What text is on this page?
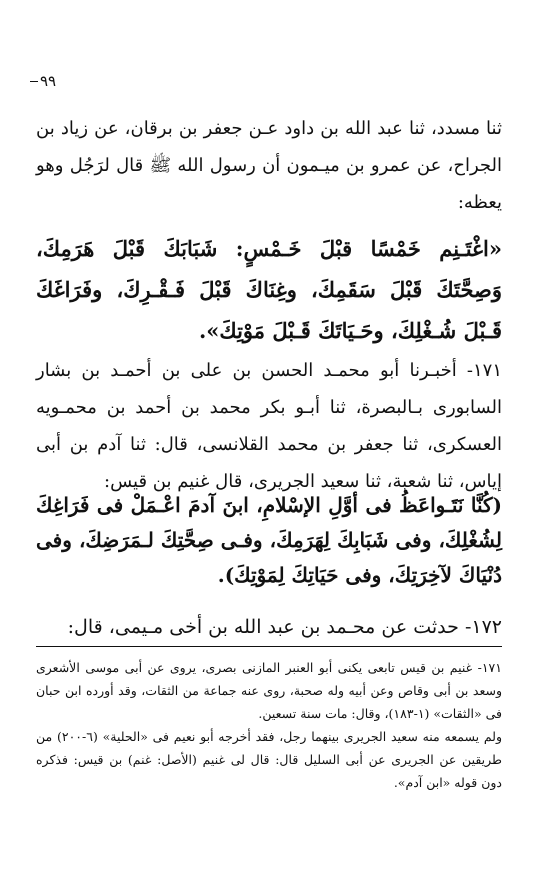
٩٩

ثنا مسدد، ثنا عبد الله بن داود عـن جعفر بن برقان، عن زياد بن الجراح، عن عمرو بن ميـمون أن رسول الله ﷺ قال لرَجُل وهو يعظه:

«اغْتَـنِم خَمْسًا قبْلَ خَـمْسٍ: شَبَابَكَ قَبْلَ هَرَمِكَ، وَصِحَّتَكَ قَبْلَ سَقَمِكَ، وغِنَاكَ قَبْلَ فَـقْـرِكَ، وفَرَاغَكَ قَـبْلَ شُـغْلِكَ، وحَـيَاتَكَ قَـبْلَ مَوْتِكَ».

١٧١- أخبـرنا أبو محمـد الحسن بن على بن أحمـد بن بشار السابورى بـالبصرة، ثنا أبـو بكر محمد بن أحمد بن محمـويه العسكرى، ثنا جعفر بن محمد القلانسى، قال: ثنا آدم بن أبى إياس، ثنا شعبة، ثنا سعيد الجريرى، قال غنيم بن قيس:

(كُنَّا نَتَـواعَظُ فى أوَّلِ الإسْلامِ، ابنَ آدمَ اعْـمَلْ فى فَرَاغِكَ لِشُغْلِكَ، وفى شَبَابِكَ لِهَرَمِكَ، وفـى صِحَّتِكَ لـمَرَضِكَ، وفى دُنْيَاكَ لآخِرَتِكَ، وفى حَيَاتِكَ لِمَوْتِكَ).

١٧٢- حدثت عن محـمد بن عبد الله بن أخى مـيمى، قال:

١٧١- غنيم بن قيس تابعى يكنى أبو العنبر المازنى بصرى، يروى عن أبى موسى الأشعرى وسعد بن أبى وقاص وعن أبيه وله صحبة، روى عنه جماعة من الثقات، وقد أورده ابن حبان فى «الثقات» (١-١٨٣)، وقال: مات سنة تسعين.

ولم يسمعه منه سعيد الجريرى بينهما رجل، فقد أخرجه أبو نعيم فى «الحلية» (٦-٢٠٠) من طريقين عن الجريرى عن أبى السليل قال: قال لى غنيم (الأصل: غنم) بن قيس: فذكره دون قوله «ابن آدم».
